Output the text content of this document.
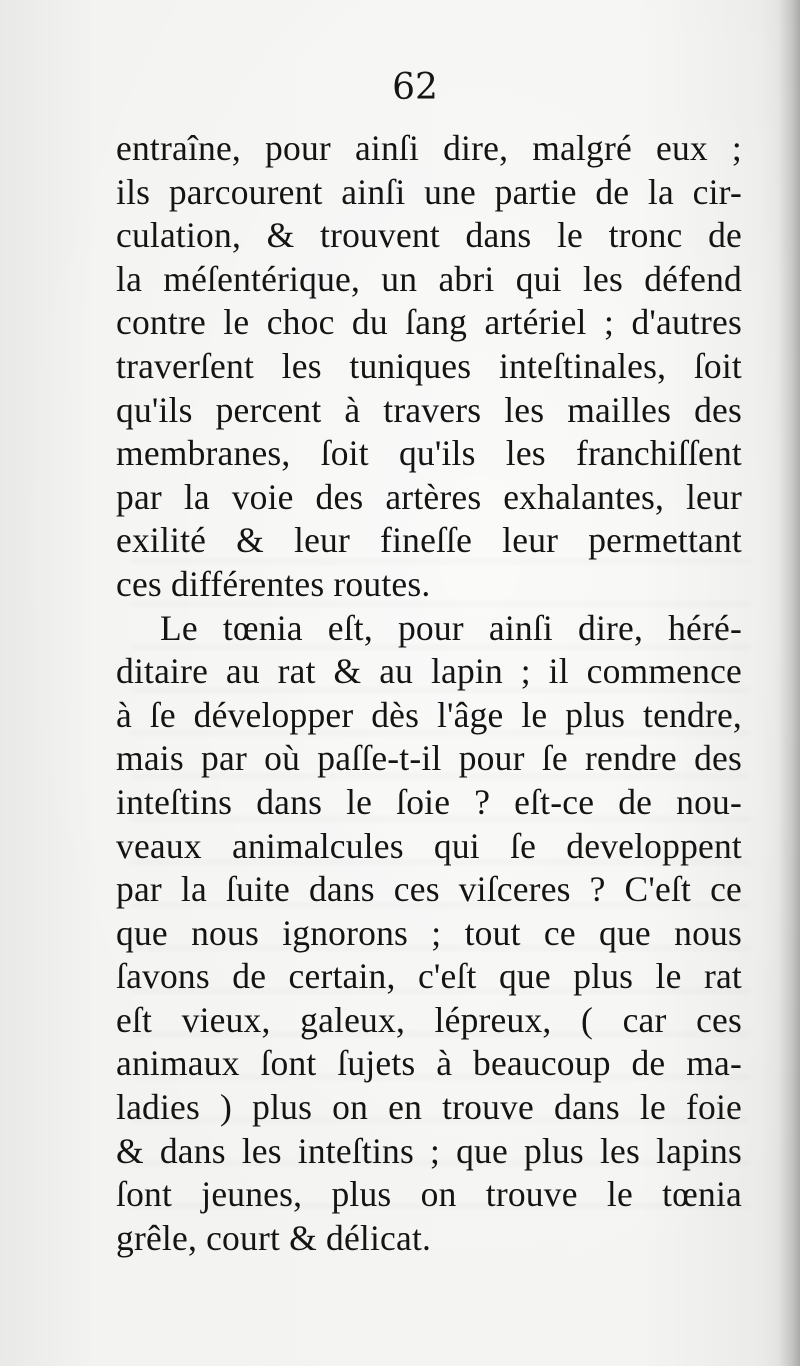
62
entraîne, pour ainſi dire, malgré eux ;
ils parcourent ainſi une partie de la cir-
culation, & trouvent dans le tronc de
la méſentérique, un abri qui les défend
contre le choc du ſang artériel ; d'autres
traverſent les tuniques inteſtinales, ſoit
qu'ils percent à travers les mailles des
membranes, ſoit qu'ils les franchiſſent
par la voie des artères exhalantes, leur
exilité & leur fineſſe leur permettant
ces différentes routes.
Le tœnia eſt, pour ainſi dire, héré-
ditaire au rat & au lapin ; il commence
à ſe développer dès l'âge le plus tendre,
mais par où paſſe-t-il pour ſe rendre des
inteſtins dans le ſoie ? eſt-ce de nou-
veaux animalcules qui ſe developpent
par la ſuite dans ces viſceres ? C'eſt ce
que nous ignorons ; tout ce que nous
ſavons de certain, c'eſt que plus le rat
eſt vieux, galeux, lépreux, ( car ces
animaux ſont ſujets à beaucoup de ma-
ladies ) plus on en trouve dans le foie
& dans les inteſtins ; que plus les lapins
ſont jeunes, plus on trouve le tœnia
grêle, court & délicat.
